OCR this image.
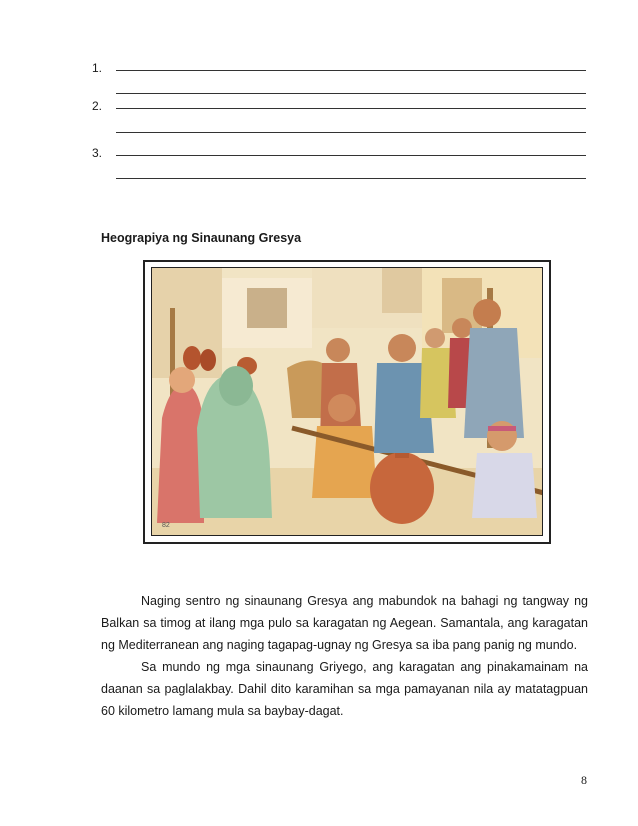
1.
2.
3.
Heograpiya ng Sinaunang Gresya
82

Naging sentro ng sinaunang Gresya ang mabundok na bahagi ng tangway ng Balkan sa timog at ilang mga pulo sa karagatan ng Aegean. Samantala, ang karagatan ng Mediterranean ang naging tagapag-ugnay ng Gresya sa iba pang panig ng mundo.

Sa mundo ng mga sinaunang Griyego, ang karagatan ang pinakamainam na daanan sa paglalakbay. Dahil dito karamihan sa mga pamayanan nila ay matatagpuan 60 kilometro lamang mula sa baybay-dagat.

8
